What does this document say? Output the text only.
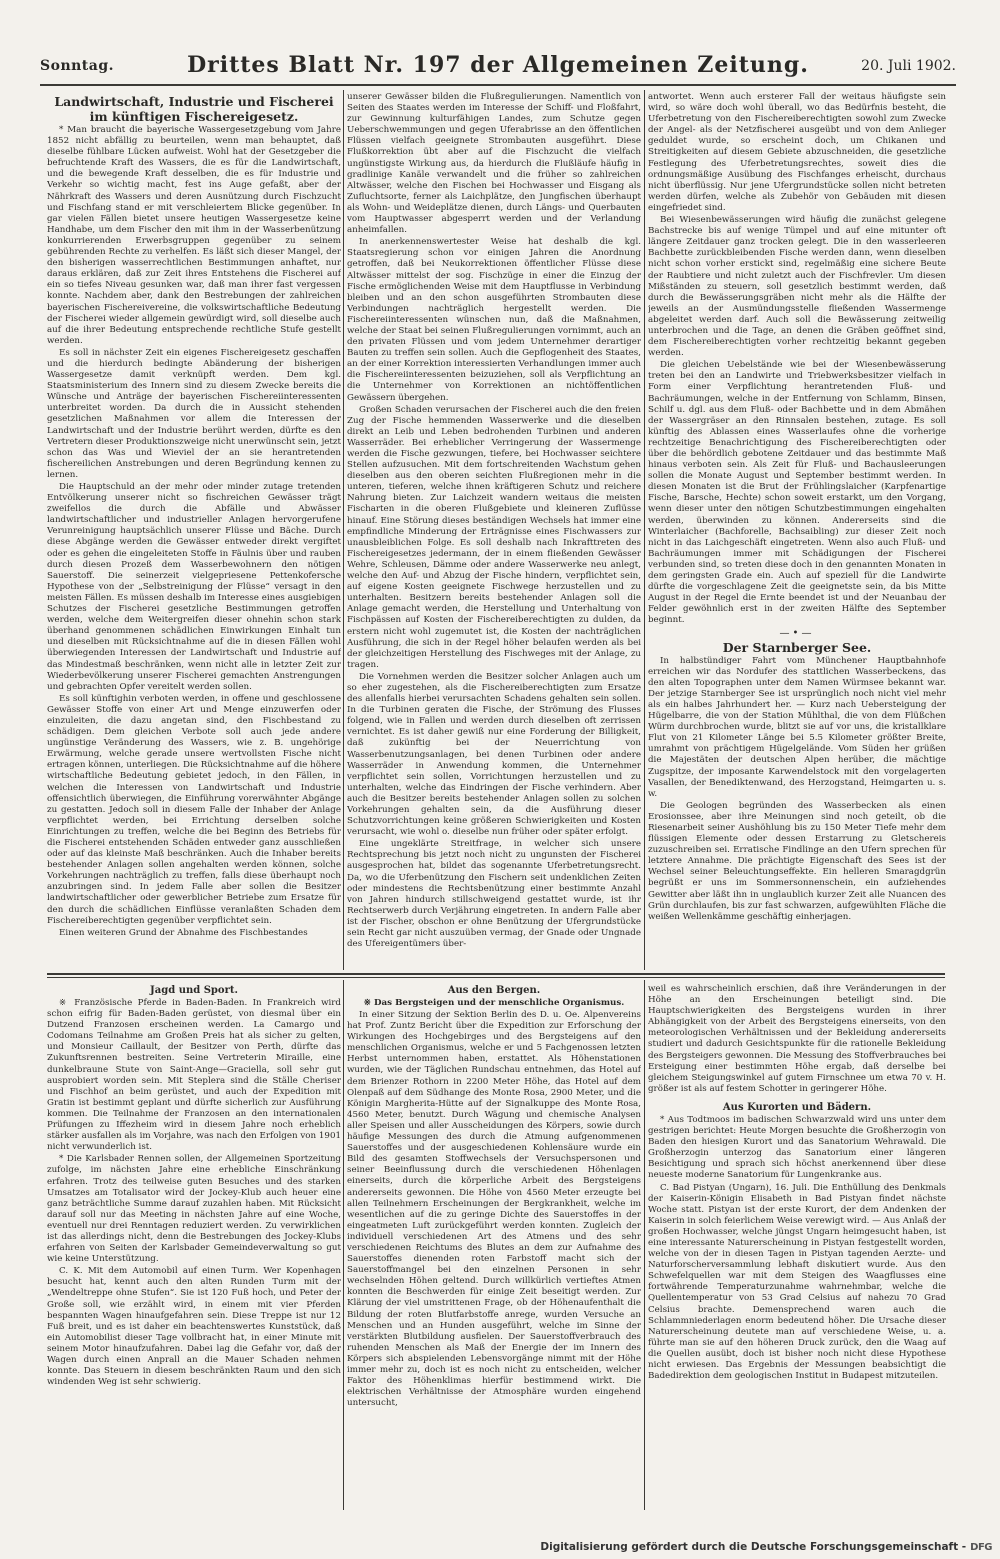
Sonntag.	Drittes Blatt Nr. 197 der Allgemeinen Zeitung.	20. Juli 1902.

Landwirtschaft, Industrie und Fischerei im künftigen Fischereigesetz.

* Man braucht die bayerische Wassergesetzgebung vom Jahre 1852 nicht abfällig zu beurteilen, wenn man behauptet, daß dieselbe fühlbare Lücken aufweist. Wohl hat der Gesetzgeber die befruchtende Kraft des Wassers, die es für die Landwirtschaft, und die bewegende Kraft desselben, die es für Industrie und Verkehr so wichtig macht, fest ins Auge gefaßt, aber der Nährkraft des Wassers und deren Ausnützung durch Fischzucht und Fischfang stand er mit verschleiertem Blicke gegenüber. In gar vielen Fällen bietet unsere heutigen Wassergesetze keine Handhabe, um dem Fischer den mit ihm in der Wasserbenützung konkurrierenden Erwerbsgruppen gegenüber zu seinem gebührenden Rechte zu verhelfen. Es läßt sich dieser Mangel, der den bisherigen wasserrechtlichen Bestimmungen anhaftet, nur daraus erklären, daß zur Zeit ihres Entstehens die Fischerei auf ein so tiefes Niveau gesunken war, daß man ihrer fast vergessen konnte. Nachdem aber, dank den Bestrebungen der zahlreichen bayerischen Fischereivereine, die volkswirtschaftliche Bedeutung der Fischerei wieder allgemein gewürdigt wird, soll dieselbe auch auf die ihrer Bedeutung entsprechende rechtliche Stufe gestellt werden.

Es soll in nächster Zeit ein eigenes Fischereigesetz geschaffen und die hierdurch bedingte Abänderung der bisherigen Wassergesetze damit verknüpft werden. Dem kgl. Staatsministerium des Innern sind zu diesem Zwecke bereits die Wünsche und Anträge der bayerischen Fischereiinteressenten unterbreitet worden. Da durch die in Aussicht stehenden gesetzlichen Maßnahmen vor allem die Interessen der Landwirtschaft und der Industrie berührt werden, dürfte es den Vertretern dieser Produktionszweige nicht unerwünscht sein, jetzt schon das Was und Wieviel der an sie herantretenden fischereilichen Anstrebungen und deren Begründung kennen zu lernen.

Die Hauptschuld an der mehr oder minder zutage tretenden Entvölkerung unserer nicht so fischreichen Gewässer trägt zweifellos die durch die Abfälle und Abwässer landwirtschaftlicher und industrieller Anlagen hervorgerufene Verunreinigung hauptsächlich unserer Flüsse und Bäche. Durch diese Abgänge werden die Gewässer entweder direkt vergiftet oder es gehen die eingeleiteten Stoffe in Fäulnis über und rauben durch diesen Prozeß dem Wasserbewohnern den nötigen Sauerstoff. Die seinerzeit vielgepriesene Pettenkofersche Hypothese von der „Selbstreinigung der Flüsse“ versagt in den meisten Fällen. Es müssen deshalb im Interesse eines ausgiebigen Schutzes der Fischerei gesetzliche Bestimmungen getroffen werden, welche dem Weitergreifen dieser ohnehin schon stark überhand genommenen schädlichen Einwirkungen Einhalt tun und dieselben mit Rücksichtnahme auf die in diesen Fällen wohl überwiegenden Interessen der Landwirtschaft und Industrie auf das Mindestmaß beschränken, wenn nicht alle in letzter Zeit zur Wiederbevölkerung unserer Fischerei gemachten Anstrengungen und gebrachten Opfer vereitelt werden sollen.

Es soll künftighin verboten werden, in offene und geschlossene Gewässer Stoffe von einer Art und Menge einzuwerfen oder einzuleiten, die dazu angetan sind, den Fischbestand zu schädigen. Dem gleichen Verbote soll auch jede andere ungünstige Veränderung des Wassers, wie z. B. ungehörige Erwärmung, welche gerade unsere wertvollsten Fische nicht ertragen können, unterliegen. Die Rücksichtnahme auf die höhere wirtschaftliche Bedeutung gebietet jedoch, in den Fällen, in welchen die Interessen von Landwirtschaft und Industrie offensichtlich überwiegen, die Einführung vorerwähnter Abgänge zu gestatten. Jedoch soll in diesem Falle der Inhaber der Anlage verpflichtet werden, bei Errichtung derselben solche Einrichtungen zu treffen, welche die bei Beginn des Betriebs für die Fischerei entstehenden Schäden entweder ganz ausschließen oder auf das kleinste Maß beschränken. Auch die Inhaber bereits bestehender Anlagen sollen angehalten werden können, solche Vorkehrungen nachträglich zu treffen, falls diese überhaupt noch anzubringen sind. In jedem Falle aber sollen die Besitzer landwirtschaftlicher oder gewerblicher Betriebe zum Ersatze für den durch die schädlichen Einflüsse veranlaßten Schaden dem Fischereiberechtigten gegenüber verpflichtet sein.

Einen weiteren Grund der Abnahme des Fischbestandes

unserer Gewässer bilden die Flußregulierungen. Namentlich von Seiten des Staates werden im Interesse der Schiff- und Floßfahrt, zur Gewinnung kulturfähigen Landes, zum Schutze gegen Ueberschwemmungen und gegen Uferabrisse an den öffentlichen Flüssen vielfach geeignete Strombauten ausgeführt. Diese Flußkorrektion übt aber auf die Fischzucht die vielfach ungünstigste Wirkung aus, da hierdurch die Flußläufe häufig in gradlinige Kanäle verwandelt und die früher so zahlreichen Altwässer, welche den Fischen bei Hochwasser und Eisgang als Zufluchtsorte, ferner als Laichplätze, den Jungfischen überhaupt als Wohn- und Weideplätze dienen, durch Längs- und Querbauten vom Hauptwasser abgesperrt werden und der Verlandung anheimfallen.

In anerkennenswertester Weise hat deshalb die kgl. Staatsregierung schon vor einigen Jahren die Anordnung getroffen, daß bei Neukorrektionen öffentlicher Flüsse diese Altwässer mittelst der sog. Fischzüge in einer die Einzug der Fische ermöglichenden Weise mit dem Hauptflusse in Verbindung bleiben und an den schon ausgeführten Strombauten diese Verbindungen nachträglich hergestellt werden. Die Fischereiinteressenten wünschen nun, daß die Maßnahmen, welche der Staat bei seinen Flußregulierungen vornimmt, auch an den privaten Flüssen und vom jedem Unternehmer derartiger Bauten zu treffen sein sollen. Auch die Gepflogenheit des Staates, an der einer Korrektion interessierten Verhandlungen immer auch die Fischereiinteressenten beizuziehen, soll als Verpflichtung an die Unternehmer von Korrektionen an nichtöffentlichen Gewässern übergehen.

Großen Schaden verursachen der Fischerei auch die den freien Zug der Fische hemmenden Wasserwerke und die dieselben direkt an Leib und Leben bedrohenden Turbinen und anderen Wasserräder. Bei erheblicher Verringerung der Wassermenge werden die Fische gezwungen, tiefere, bei Hochwasser seichtere Stellen aufzusuchen. Mit dem fortschreitenden Wachstum gehen dieselben aus den oberen seichten Flußregionen mehr in die unteren, tieferen, welche ihnen kräftigeren Schutz und reichere Nahrung bieten. Zur Laichzeit wandern weitaus die meisten Fischarten in die oberen Flußgebiete und kleineren Zuflüsse hinauf. Eine Störung dieses beständigen Wechsels hat immer eine empfindliche Minderung der Erträgnisse eines Fischwassers zur unausbleiblichen Folge. Es soll deshalb nach Inkrafttreten des Fischereigesetzes jedermann, der in einem fließenden Gewässer Wehre, Schleusen, Dämme oder andere Wasserwerke neu anlegt, welche den Auf- und Abzug der Fische hindern, verpflichtet sein, auf eigene Kosten geeignete Fischwege herzustellen und zu unterhalten. Besitzern bereits bestehender Anlagen soll die Anlage gemacht werden, die Herstellung und Unterhaltung von Fischpässen auf Kosten der Fischereiberechtigten zu dulden, da erstern nicht wohl zugemutet ist, die Kosten der nachträglichen Ausführung, die sich in der Regel höher belaufen werden als bei der gleichzeitigen Herstellung des Fischweges mit der Anlage, zu tragen.

Die Vornehmen werden die Besitzer solcher Anlagen auch um so eher zugestehen, als die Fischereiberechtigten zum Ersatze des allenfalls hierbei verursachten Schadens gehalten sein sollen. In die Turbinen geraten die Fische, der Strömung des Flusses folgend, wie in Fallen und werden durch dieselben oft zerrissen vernichtet. Es ist daher gewiß nur eine Forderung der Billigkeit, daß zukünftig bei der Neuerrichtung von Wasserbenutzungsanlagen, bei denen Turbinen oder andere Wasserräder in Anwendung kommen, die Unternehmer verpflichtet sein sollen, Vorrichtungen herzustellen und zu unterhalten, welche das Eindringen der Fische verhindern. Aber auch die Besitzer bereits bestehender Anlagen sollen zu solchen Vorkehrungen gehalten sein, da die Ausführung dieser Schutzvorrichtungen keine größeren Schwierigkeiten und Kosten verursacht, wie wohl o. dieselbe nun früher oder später erfolgt.

Eine ungeklärte Streitfrage, in welcher sich unsere Rechtsprechung bis jetzt noch nicht zu ungunsten der Fischerei ausgesprochen hat, bildet das sogenannte Uferbetretungsrecht. Da, wo die Uferbenützung den Fischern seit undenklichen Zeiten oder mindestens die Rechtsbenützung einer bestimmte Anzahl von Jahren hindurch stillschweigend gestattet wurde, ist ihr Rechtserwerb durch Verjährung eingetreten. In andern Falle aber ist der Fischer, obschon er ohne Benützung der Ufergrundstücke sein Recht gar nicht auszuüben vermag, der Gnade oder Ungnade des Ufereigentümers über-

antwortet. Wenn auch ersterer Fall der weitaus häufigste sein wird, so wäre doch wohl überall, wo das Bedürfnis besteht, die Uferbetretung von den Fischereiberechtigten sowohl zum Zwecke der Angel- als der Netzfischerei ausgeübt und von dem Anlieger geduldet wurde, so erscheint doch, um Chikanen und Streitigkeiten auf diesem Gebiete abzuschneiden, die gesetzliche Festlegung des Uferbetretungsrechtes, soweit dies die ordnungsmäßige Ausübung des Fischfanges erheischt, durchaus nicht überflüssig. Nur jene Ufergrundstücke sollen nicht betreten werden dürfen, welche als Zubehör von Gebäuden mit diesen eingefriedet sind.

Bei Wiesenbewässerungen wird häufig die zunächst gelegene Bachstrecke bis auf wenige Tümpel und auf eine mitunter oft längere Zeitdauer ganz trocken gelegt. Die in den wasserleeren Bachbette zurückbleibenden Fische werden dann, wenn dieselben nicht schon vorher erstickt sind, regelmäßig eine sichere Beute der Raubtiere und nicht zuletzt auch der Fischfrevler. Um diesen Mißständen zu steuern, soll gesetzlich bestimmt werden, daß durch die Bewässerungsgräben nicht mehr als die Hälfte der jeweils an der Ausmündungsstelle fließenden Wassermenge abgeleitet werden darf. Auch soll die Bewässerung zeitweilig unterbrochen und die Tage, an denen die Gräben geöffnet sind, dem Fischereiberechtigten vorher rechtzeitig bekannt gegeben werden.

Die gleichen Uebelstände wie bei der Wiesenbewässerung treten bei den an Landwirte und Triebwerksbesitzer vielfach in Form einer Verpflichtung herantretenden Fluß- und Bachräumungen, welche in der Entfernung von Schlamm, Binsen, Schilf u. dgl. aus dem Fluß- oder Bachbette und in dem Abmähen der Wassergräser an den Rinnsalen bestehen, zutage. Es soll künftig des Ablassen eines Wasserlaufes ohne die vorherige rechtzeitige Benachrichtigung des Fischereiberechtigten oder über die behördlich gebotene Zeitdauer und das bestimmte Maß hinaus verboten sein. Als Zeit für Fluß- und Bachausleerungen sollen die Monate August und September bestimmt werden. In diesen Monaten ist die Brut der Frühlingslaicher (Karpfenartige Fische, Barsche, Hechte) schon soweit erstarkt, um den Vorgang, wenn dieser unter den nötigen Schutzbestimmungen eingehalten werden, überwinden zu können. Andererseits sind die Winterlaicher (Bachforelle, Bachsaibling) zur dieser Zeit noch nicht in das Laichgeschäft eingetreten. Wenn also auch Fluß- und Bachräumungen immer mit Schädigungen der Fischerei verbunden sind, so treten diese doch in den genannten Monaten in dem geringsten Grade ein. Auch auf speziell für die Landwirte dürfte die vorgeschlagene Zeit die geeignetste sein, da bis Mitte August in der Regel die Ernte beendet ist und der Neuanbau der Felder gewöhnlich erst in der zweiten Hälfte des September beginnt.

—•—

Der Starnberger See.

In halbstündiger Fahrt vom Münchener Hauptbahnhofe erreichen wir das Nordufer des stattlichen Wasserbeckens, das den alten Topographen unter dem Namen Würmsee bekannt war. Der jetzige Starnberger See ist ursprünglich noch nicht viel mehr als ein halbes Jahrhundert her. — Kurz nach Uebersteigung der Hügelbarre, die von der Station Mühlthal, die von dem Flüßchen Würm durchbrochen wurde, blitzt sie auf vor uns, die kristallklare Flut von 21 Kilometer Länge bei 5.5 Kilometer größter Breite, umrahmt von prächtigem Hügelgelände. Vom Süden her grüßen die Majestäten der deutschen Alpen herüber, die mächtige Zugspitze, der imposante Karwendelstock mit den vorgelagerten Vasallen, der Benediktenwand, des Herzogstand, Heimgarten u. s. w.

Die Geologen begründen des Wasserbecken als einen Erosionssee, aber ihre Meinungen sind noch geteilt, ob die Riesenarbeit seiner Aushöhlung bis zu 150 Meter Tiefe mehr dem flüssigen Elemente oder dessen Erstarrung zu Gletschereis zuzuschreiben sei. Erratische Findlinge an den Ufern sprechen für letztere Annahme. Die prächtigte Eigenschaft des Sees ist der Wechsel seiner Beleuchtungseffekte. Ein helleren Smaragdgrün begrüßt er uns im Sommersonnenschein, ein aufziehendes Gewitter aber läßt ihn in unglaublich kurzer Zeit alle Nuancen des Grün durchlaufen, bis zur fast schwarzen, aufgewühlten Fläche die weißen Wellenkämme geschäftig einherjagen.

Jagd und Sport.

※ Französische Pferde in Baden-Baden. In Frankreich wird schon eifrig für Baden-Baden gerüstet, von diesmal über ein Dutzend Franzosen erscheinen werden. La Camargo und Codomans Teilnahme am Großen Preis hat als sicher zu gelten, und Monsieur Caillault, der Besitzer von Perth, dürfte das Zukunftsrennen bestreiten. Seine Vertreterin Miraille, eine dunkelbraune Stute von Saint-Ange—Graciella, soll sehr gut ausprobiert worden sein. Mit Steplera sind die Ställe Cheriser und Fischhof an beim gerüstet, und auch der Expedition mit Gratin ist bestimmt geplant und dürfte sicherlich zur Ausführung kommen. Die Teilnahme der Franzosen an den internationalen Prüfungen zu Iffezheim wird in diesem Jahre noch erheblich stärker ausfallen als im Vorjahre, was nach den Erfolgen von 1901 nicht verwunderlich ist.

* Die Karlsbader Rennen sollen, der Allgemeinen Sportzeitung zufolge, im nächsten Jahre eine erhebliche Einschränkung erfahren. Trotz des teilweise guten Besuches und des starken Umsatzes am Totalisator wird der Jockey-Klub auch heuer eine ganz beträchtliche Summe darauf zuzahlen haben. Mit Rücksicht darauf soll nur das Meeting in nächsten Jahre auf eine Woche, eventuell nur drei Renntagen reduziert werden. Zu verwirklichen ist das allerdings nicht, denn die Bestrebungen des Jockey-Klubs erfahren von Seiten der Karlsbader Gemeindeverwaltung so gut wie keine Unterstützung.

C. K. Mit dem Automobil auf einen Turm. Wer Kopenhagen besucht hat, kennt auch den alten Runden Turm mit der „Wendeltreppe ohne Stufen“. Sie ist 120 Fuß hoch, und Peter der Große soll, wie erzählt wird, in einem mit vier Pferden bespannten Wagen hinaufgefahren sein. Diese Treppe ist nur 12 Fuß breit, und es ist daher ein beachtenswertes Kunststück, daß ein Automobilist dieser Tage vollbracht hat, in einer Minute mit seinem Motor hinaufzufahren. Dabei lag die Gefahr vor, daß der Wagen durch einen Anprall an die Mauer Schaden nehmen konnte. Das Steuern in diesem beschränkten Raum und den sich windenden Weg ist sehr schwierig.

Aus den Bergen.

※ Das Bergsteigen und der menschliche Organismus.

In einer Sitzung der Sektion Berlin des D. u. Oe. Alpenvereins hat Prof. Zuntz Bericht über die Expedition zur Erforschung der Wirkungen des Hochgebirges und des Bergsteigens auf den menschlichen Organismus, welche er und 5 Fachgenossen letzten Herbst unternommen haben, erstattet. Als Höhenstationen wurden, wie der Täglichen Rundschau entnehmen, das Hotel auf dem Brienzer Rothorn in 2200 Meter Höhe, das Hotel auf dem Olenpaß auf dem Südhange des Monte Rosa, 2900 Meter, und die Königin Margherita-Hütte auf der Signalkuppe des Monte Rosa, 4560 Meter, benutzt. Durch Wägung und chemische Analysen aller Speisen und aller Ausscheidungen des Körpers, sowie durch häufige Messungen des durch die Atmung aufgenommenen Sauerstoffes und der ausgeschiedenen Kohlensäure wurde ein Bild des gesamten Stoffwechsels der Versuchspersonen und seiner Beeinflussung durch die verschiedenen Höhenlagen einerseits, durch die körperliche Arbeit des Bergsteigens andererseits gewonnen. Die Höhe von 4560 Meter erzeugte bei allen Teilnehmern Erscheinungen der Bergkrankheit, welche im wesentlichen auf die zu geringe Dichte des Sauerstoffes in der eingeatmeten Luft zurückgeführt werden konnten. Zugleich der individuell verschiedenen Art des Atmens und des sehr verschiedenen Reichtums des Blutes an dem zur Aufnahme des Sauerstoffes dienenden roten Farbstoff macht sich der Sauerstoffmangel bei den einzelnen Personen in sehr wechselnden Höhen geltend. Durch willkürlich vertieftes Atmen konnten die Beschwerden für einige Zeit beseitigt werden. Zur Klärung der viel umstrittenen Frage, ob der Höhenaufenthalt die Bildung der roten Blutfarbstoffe anrege, wurden Versuche an Menschen und an Hunden ausgeführt, welche im Sinne der verstärkten Blutbildung ausfielen. Der Sauerstoffverbrauch des ruhenden Menschen als Maß der Energie der im Innern des Körpers sich abspielenden Lebensvorgänge nimmt mit der Höhe immer mehr zu, doch ist es noch nicht zu entscheiden, welcher Faktor des Höhenklimas hierfür bestimmend wirkt. Die elektrischen Verhältnisse der Atmosphäre wurden eingehend untersucht,

weil es wahrscheinlich erschien, daß ihre Veränderungen in der Höhe an den Erscheinungen beteiligt sind. Die Hauptschwierigkeiten des Bergsteigens wurden in ihrer Abhängigkeit von der Arbeit des Bergsteigens einerseits, von den meteorologischen Verhältnissen und der Bekleidung andererseits studiert und dadurch Gesichtspunkte für die rationelle Bekleidung des Bergsteigers gewonnen. Die Messung des Stoffverbrauches bei Ersteigung einer bestimmten Höhe ergab, daß derselbe bei gleichem Steigungswinkel auf gutem Firnschnee um etwa 70 v. H. größer ist als auf festem Schotter in geringerer Höhe.

Aus Kurorten und Bädern.

* Aus Todtmoos im badischen Schwarzwald wird uns unter dem gestrigen berichtet: Heute Morgen besuchte die Großherzogin von Baden den hiesigen Kurort und das Sanatorium Wehrawald. Die Großherzogin unterzog das Sanatorium einer längeren Besichtigung und sprach sich höchst anerkennend über diese neueste moderne Sanatorium für Lungenkranke aus.

C. Bad Pistyan (Ungarn), 16. Juli. Die Enthüllung des Denkmals der Kaiserin-Königin Elisabeth in Bad Pistyan findet nächste Woche statt. Pistyan ist der erste Kurort, der dem Andenken der Kaiserin in solch feierlichem Weise verewigt wird. — Aus Anlaß der großen Hochwasser, welche jüngst Ungarn heimgesucht haben, ist eine interessante Naturerscheinung in Pistyan festgestellt worden, welche von der in diesen Tagen in Pistyan tagenden Aerzte- und Naturforscherversammlung lebhaft diskutiert wurde. Aus den Schwefelquellen war mit dem Steigen des Waagflusses eine fortwährende Temperaturzunahme wahrnehmbar, welche die Quellentemperatur von 53 Grad Celsius auf nahezu 70 Grad Celsius brachte. Demensprechend waren auch die Schlammniederlagen enorm bedeutend höher. Die Ursache dieser Naturerscheinung deutete man auf verschiedene Weise, u. a. führte man sie auf den höheren Druck zurück, den die Waag auf die Quellen ausübt, doch ist bisher noch nicht diese Hypothese nicht erwiesen. Das Ergebnis der Messungen beabsichtigt die Badedirektion dem geologischen Institut in Budapest mitzuteilen.

Digitalisierung gefördert durch die Deutsche Forschungsgemeinschaft - DFG
